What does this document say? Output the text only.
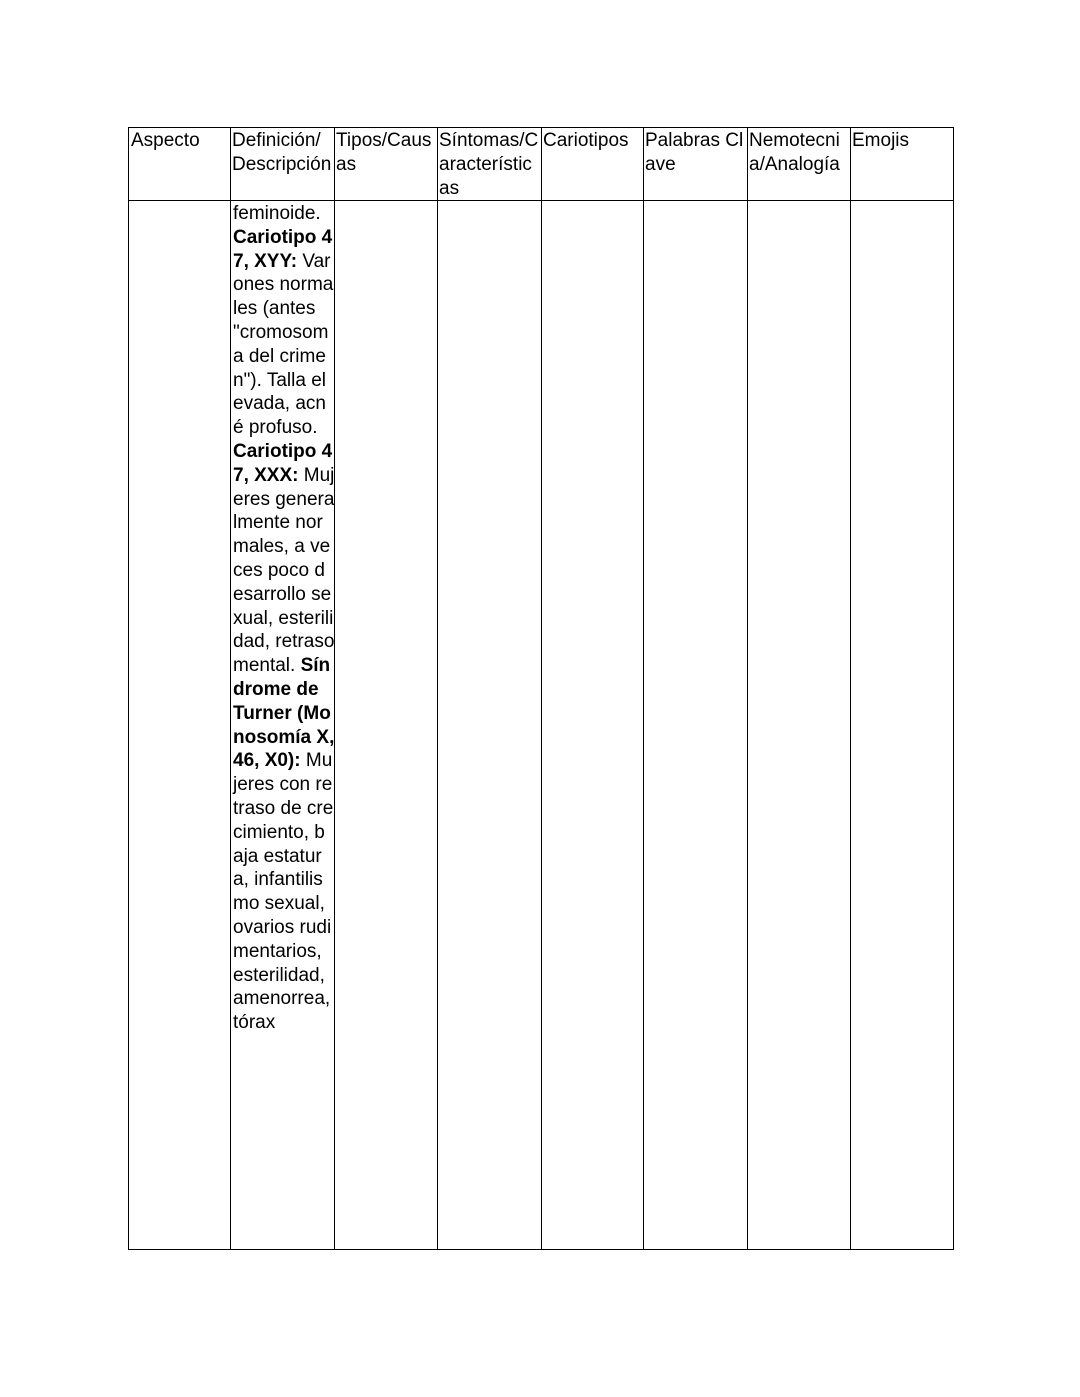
Aspecto	Definición/ Descripción
Tipos/Causas
Síntomas/Características
Cariotipos Palabras Clave
Nemotecnia/Analogía
Emojis
feminoide. Cariotipo 47, XYY: Varones normales (antes "cromosoma del crimen"). Talla elevada, acné profuso. Cariotipo 47, XXX: Mujeres generalmente normales, a veces poco desarrollo sexual, esterilidad, retraso mental. Síndrome de Turner (Monosomía X, 46, X0): Mujeres con retraso de crecimiento, baja estatura, infantilismo sexual, ovarios rudimentarios, esterilidad, amenorrea, tórax
